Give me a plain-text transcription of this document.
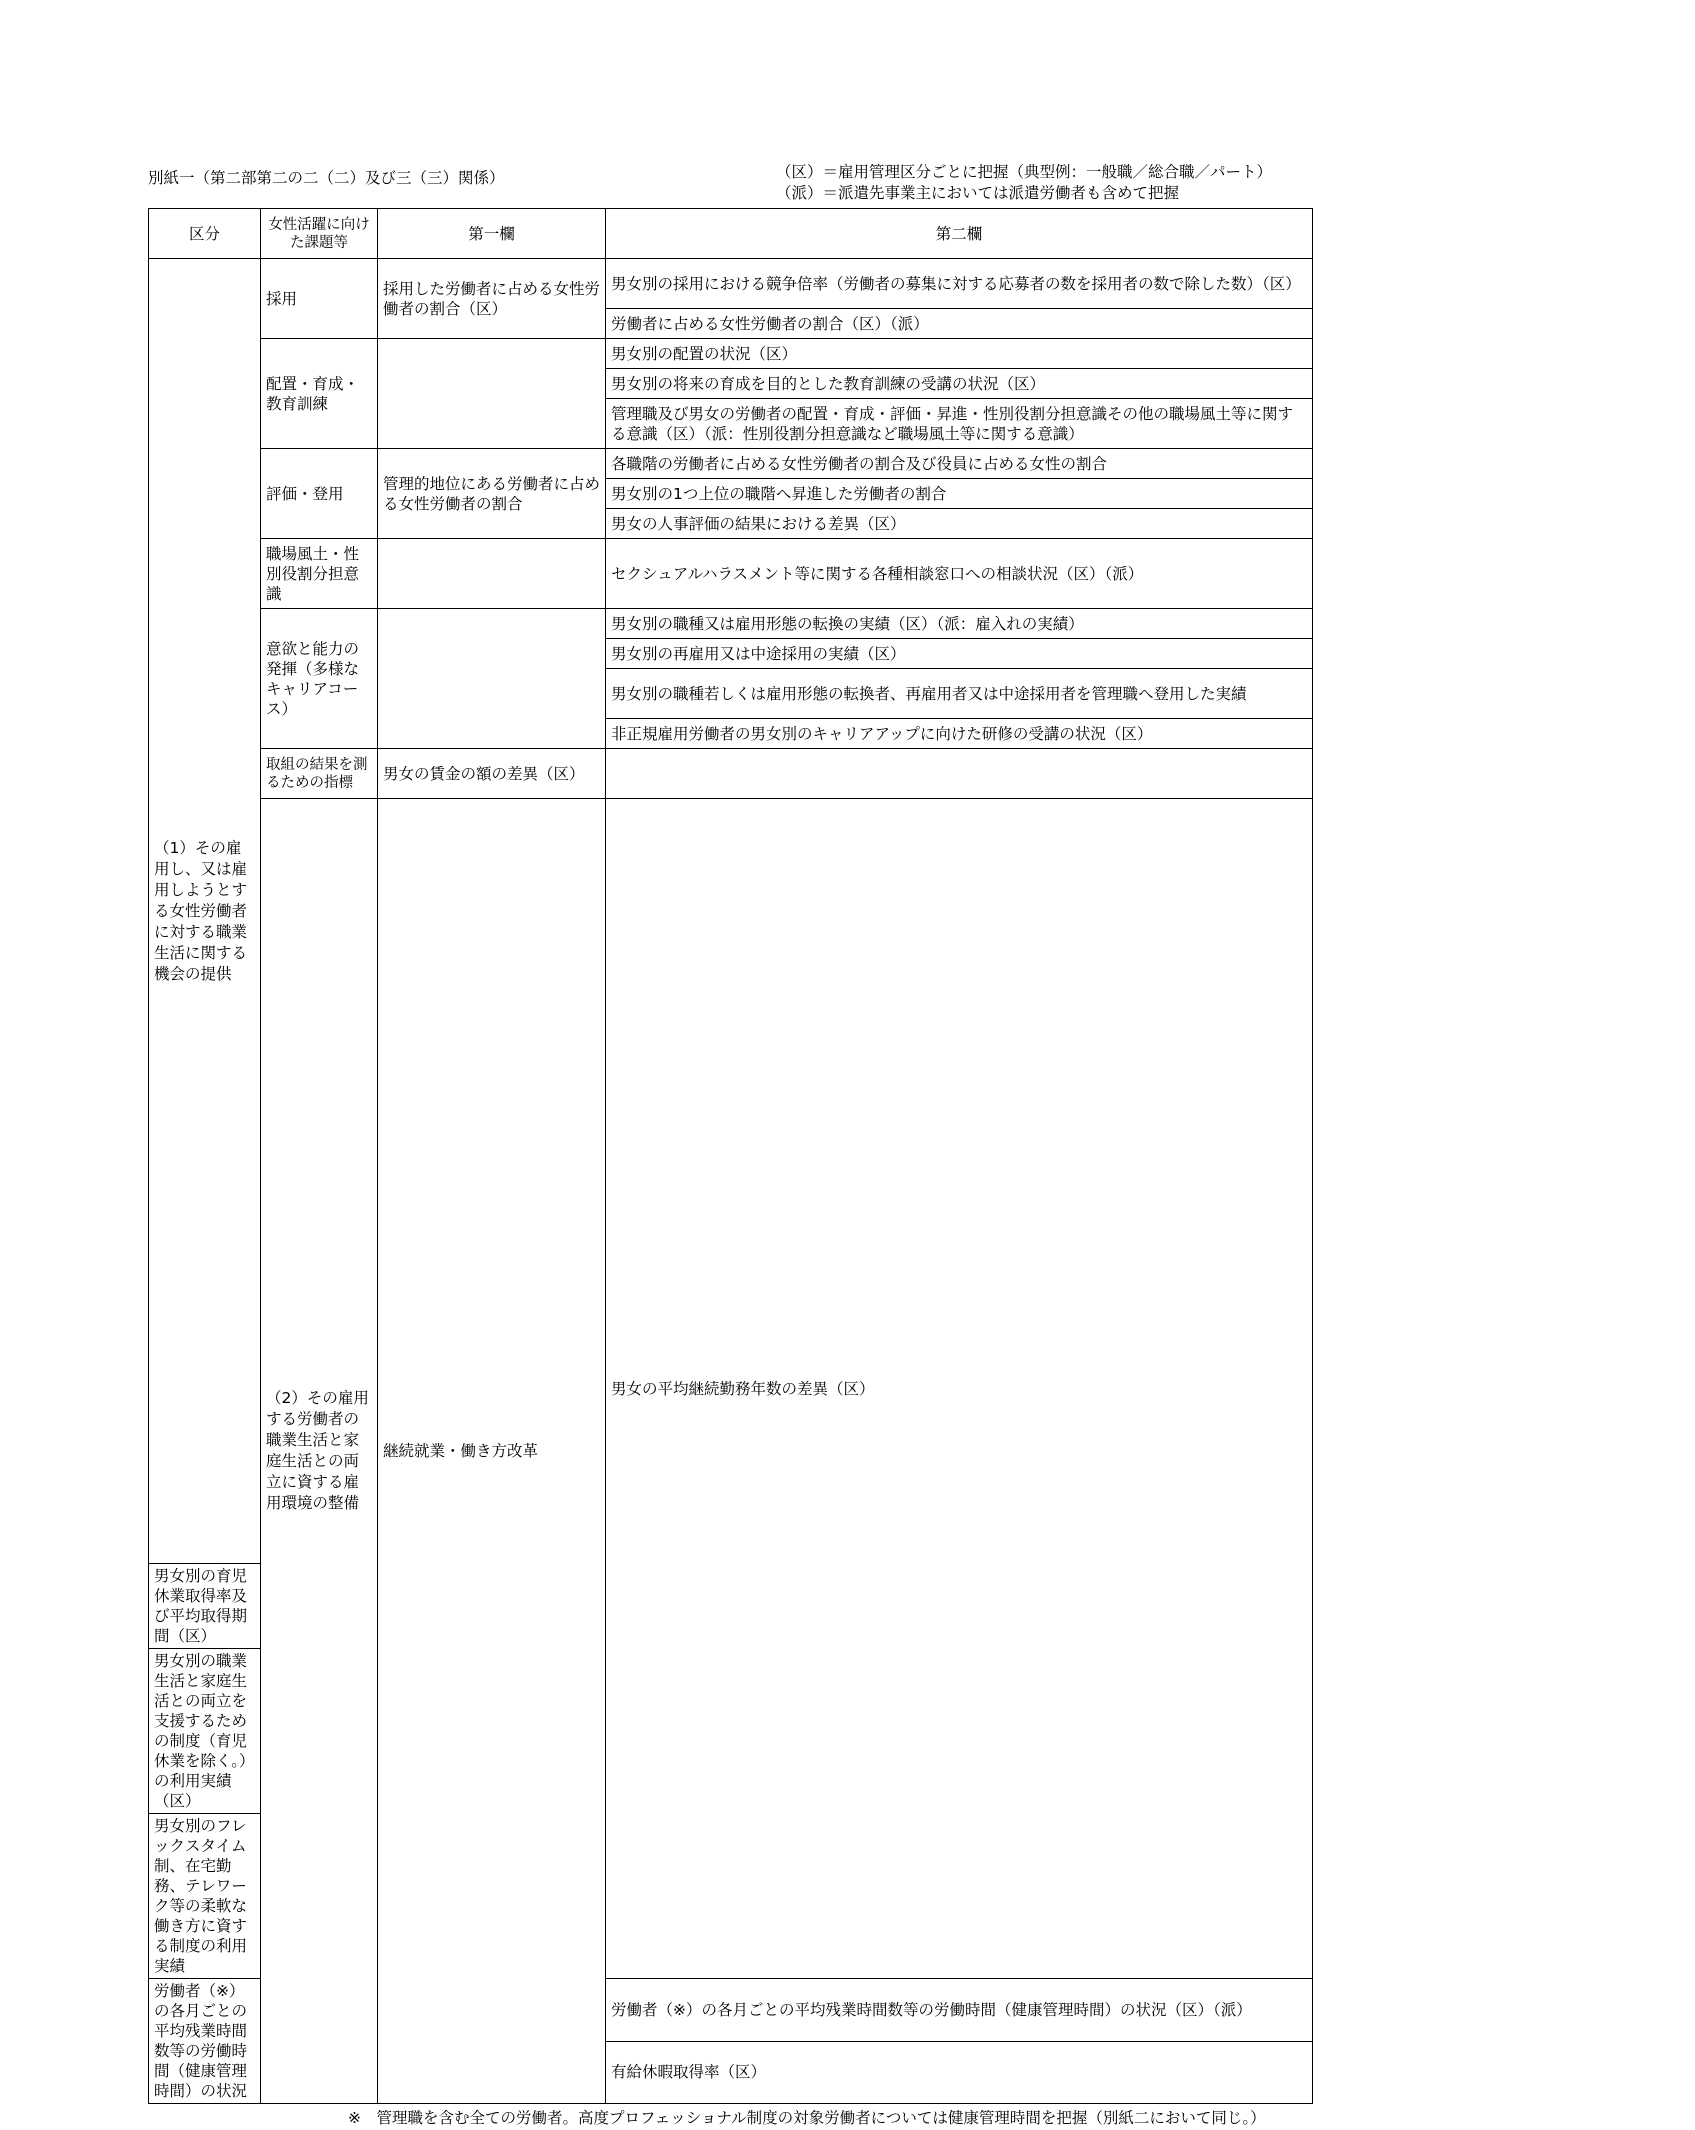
別紙一（第二部第二の二（二）及び三（三）関係）	（区）＝雇用管理区分ごとに把握（典型例：一般職／総合職／パート）
（派）＝派遣先事業主においては派遣労働者も含めて把握
区分	女性活躍に向けた課題等	第一欄	第二欄	
（1）その雇用し、又は雇用しようとする女性労働者に対する職業生活に関する機会の提供	採用	採用した労働者に占める女性労働者の割合（区）	男女別の採用における競争倍率（労働者の募集に対する応募者の数を採用者の数で除した数）（区）	
			労働者に占める女性労働者の割合（区）（派）	
	配置・育成・教育訓練		男女別の配置の状況（区）	
			男女別の将来の育成を目的とした教育訓練の受講の状況（区）	
			管理職及び男女の労働者の配置・育成・評価・昇進・性別役割分担意識その他の職場風土等に関する意識（区）（派：性別役割分担意識など職場風土等に関する意識）	
	評価・登用	管理的地位にある労働者に占める女性労働者の割合	各職階の労働者に占める女性労働者の割合及び役員に占める女性の割合	
			男女別の1つ上位の職階へ昇進した労働者の割合	
			男女の人事評価の結果における差異（区）	
	職場風土・性別役割分担意識		セクシュアルハラスメント等に関する各種相談窓口への相談状況（区）（派）	
	意欲と能力の発揮（多様なキャリアコース）		男女別の職種又は雇用形態の転換の実績（区）（派：雇入れの実績）	
			男女別の再雇用又は中途採用の実績（区）	
			男女別の職種若しくは雇用形態の転換者、再雇用者又は中途採用者を管理職へ登用した実績	
			非正規雇用労働者の男女別のキャリアアップに向けた研修の受講の状況（区）	
	取組の結果を測るための指標	男女の賃金の額の差異（区）		
	（2）その雇用する労働者の職業生活と家庭生活との両立に資する雇用環境の整備	継続就業・働き方改革	男女の平均継続勤務年数の差異（区）	
男女別の育児休業取得率及び平均取得期間（区）				
男女別の職業生活と家庭生活との両立を支援するための制度（育児休業を除く。）の利用実績（区）				
男女別のフレックスタイム制、在宅勤務、テレワーク等の柔軟な働き方に資する制度の利用実績				
労働者（※）の各月ごとの平均残業時間数等の労働時間（健康管理時間）の状況			労働者（※）の各月ごとの平均残業時間数等の労働時間（健康管理時間）の状況（区）（派）	
			有給休暇取得率（区）	
※　管理職を含む全ての労働者。高度プロフェッショナル制度の対象労働者については健康管理時間を把握（別紙二において同じ。）
